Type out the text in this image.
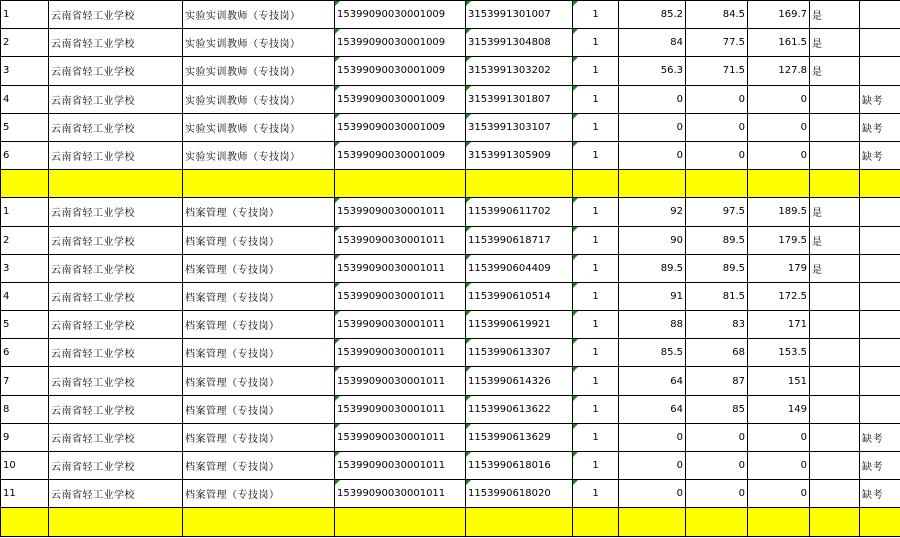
1	云南省轻工业学校	实验实训教师（专技岗）	15399090030001009	3153991301007	1	85.2	84.5	169.7	是	
2	云南省轻工业学校	实验实训教师（专技岗）	15399090030001009	3153991304808	1	84	77.5	161.5	是	
3	云南省轻工业学校	实验实训教师（专技岗）	15399090030001009	3153991303202	1	56.3	71.5	127.8	是	
4	云南省轻工业学校	实验实训教师（专技岗）	15399090030001009	3153991301807	1	0	0	0		缺考
5	云南省轻工业学校	实验实训教师（专技岗）	15399090030001009	3153991303107	1	0	0	0		缺考
6	云南省轻工业学校	实验实训教师（专技岗）	15399090030001009	3153991305909	1	0	0	0		缺考

1	云南省轻工业学校	档案管理（专技岗）	15399090030001011	1153990611702	1	92	97.5	189.5	是	
2	云南省轻工业学校	档案管理（专技岗）	15399090030001011	1153990618717	1	90	89.5	179.5	是	
3	云南省轻工业学校	档案管理（专技岗）	15399090030001011	1153990604409	1	89.5	89.5	179	是	
4	云南省轻工业学校	档案管理（专技岗）	15399090030001011	1153990610514	1	91	81.5	172.5		
5	云南省轻工业学校	档案管理（专技岗）	15399090030001011	1153990619921	1	88	83	171		
6	云南省轻工业学校	档案管理（专技岗）	15399090030001011	1153990613307	1	85.5	68	153.5		
7	云南省轻工业学校	档案管理（专技岗）	15399090030001011	1153990614326	1	64	87	151		
8	云南省轻工业学校	档案管理（专技岗）	15399090030001011	1153990613622	1	64	85	149		
9	云南省轻工业学校	档案管理（专技岗）	15399090030001011	1153990613629	1	0	0	0		缺考
10	云南省轻工业学校	档案管理（专技岗）	15399090030001011	1153990618016	1	0	0	0		缺考
11	云南省轻工业学校	档案管理（专技岗）	15399090030001011	1153990618020	1	0	0	0		缺考
